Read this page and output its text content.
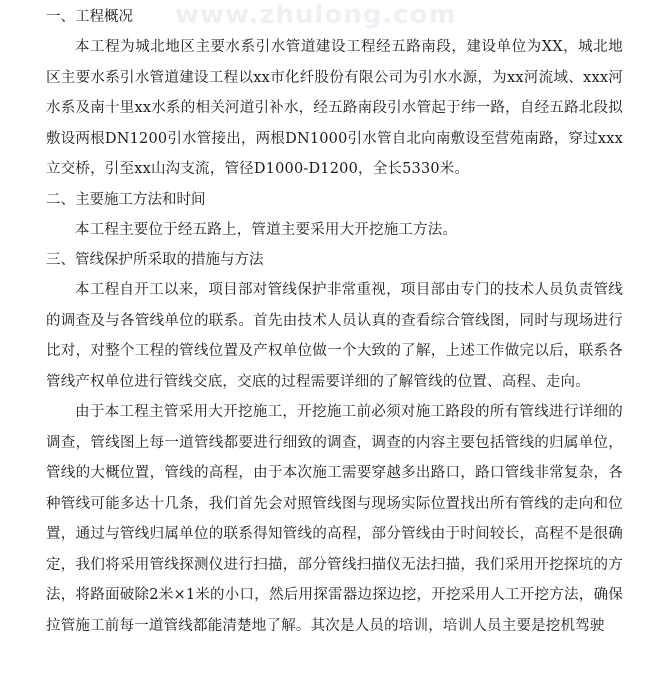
www.zhulong.com
一、工程概况

本工程为城北地区主要水系引水管道建设工程经五路南段，建设单位为XX，城北地区主要水系引水管道建设工程以xx市化纤股份有限公司为引水水源，为xx河流域、xxx河水系及南十里xx水系的相关河道引补水，经五路南段引水管起于纬一路，自经五路北段拟敷设两根DN1200引水管接出，两根DN1000引水管自北向南敷设至营苑南路，穿过xxx立交桥，引至xx山沟支流，管径D1000-D1200，全长5330米。

二、主要施工方法和时间

本工程主要位于经五路上，管道主要采用大开挖施工方法。

三、管线保护所采取的措施与方法

本工程自开工以来，项目部对管线保护非常重视，项目部由专门的技术人员负责管线的调查及与各管线单位的联系。首先由技术人员认真的查看综合管线图，同时与现场进行比对，对整个工程的管线位置及产权单位做一个大致的了解，上述工作做完以后，联系各管线产权单位进行管线交底，交底的过程需要详细的了解管线的位置、高程、走向。

由于本工程主管采用大开挖施工，开挖施工前必须对施工路段的所有管线进行详细的调查，管线图上每一道管线都要进行细致的调查，调查的内容主要包括管线的归属单位，管线的大概位置，管线的高程，由于本次施工需要穿越多出路口，路口管线非常复杂，各种管线可能多达十几条，我们首先会对照管线图与现场实际位置找出所有管线的走向和位置，通过与管线归属单位的联系得知管线的高程，部分管线由于时间较长，高程不是很确定，我们将采用管线探测仪进行扫描，部分管线扫描仪无法扫描，我们采用开挖探坑的方法，将路面破除2米×1米的小口，然后用探雷器边探边挖，开挖采用人工开挖方法，确保拉管施工前每一道管线都能清楚地了解。其次是人员的培训，培训人员主要是挖机驾驶
